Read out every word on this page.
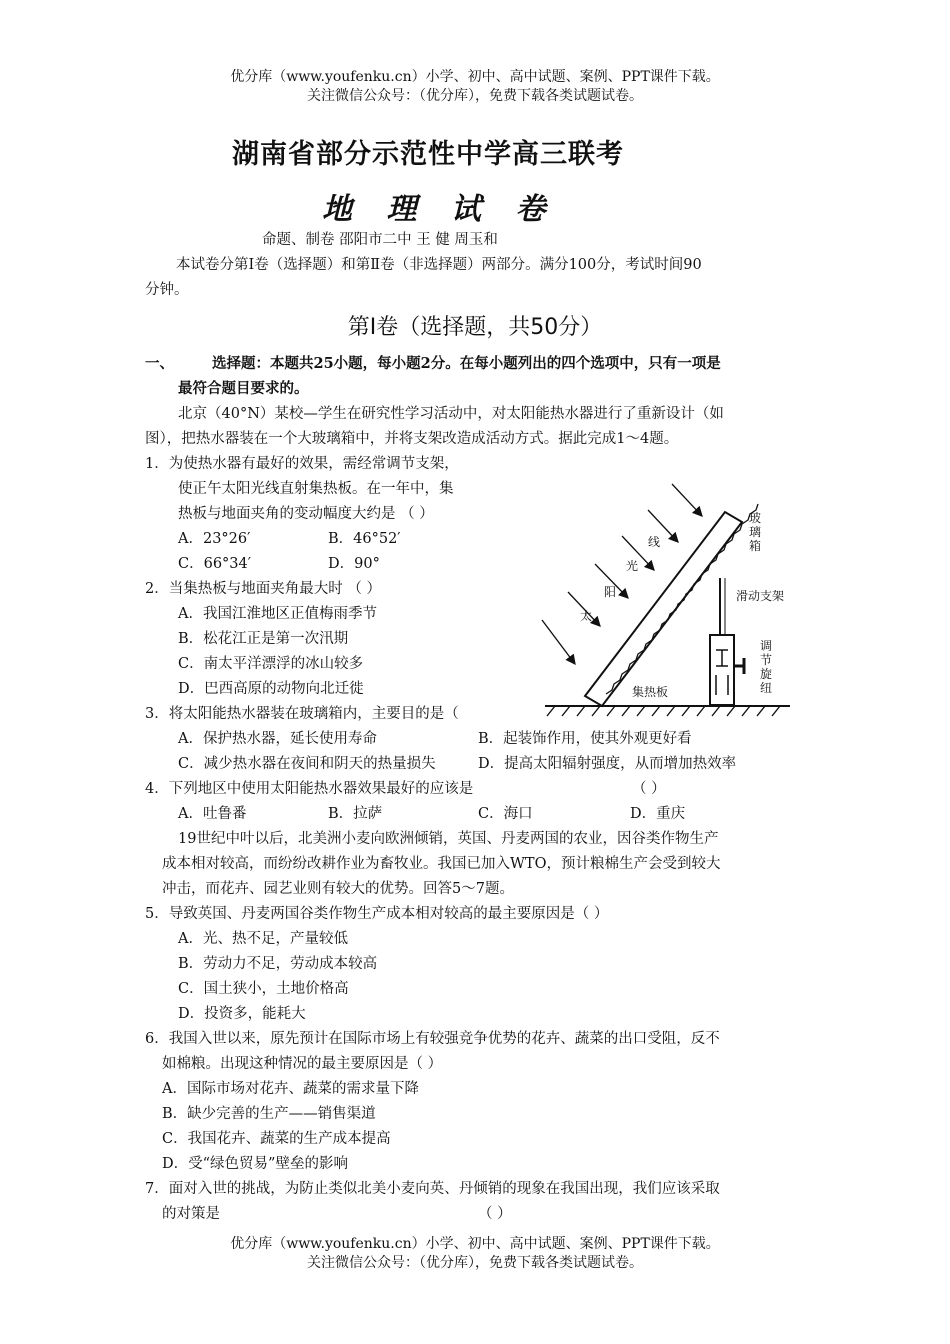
优分库（www.youfenku.cn）小学、初中、高中试题、案例、PPT课件下载。
关注微信公众号：（优分库），免费下载各类试题试卷。
湖南省部分示范性中学高三联考
地 理 试 卷
命题、制卷 邵阳市二中 王 健 周玉和
本试卷分第Ⅰ卷（选择题）和第Ⅱ卷（非选择题）两部分。满分100分，考试时间90
分钟。
第Ⅰ卷（选择题，共50分）
一、	选择题：本题共25小题，每小题2分。在每小题列出的四个选项中，只有一项是
最符合题目要求的。
北京（40°N）某校—学生在研究性学习活动中，对太阳能热水器进行了重新设计（如
图），把热水器装在一个大玻璃箱中，并将支架改造成活动方式。据此完成1～4题。
1．为使热水器有最好的效果，需经常调节支架，
使正午太阳光线直射集热板。在一年中，集
热板与地面夹角的变动幅度大约是 （ ）
A．23°26′	B．46°52′
C．66°34′	D．90°
2．当集热板与地面夹角最大时 （ ）
A．我国江淮地区正值梅雨季节
B．松花江正是第一次汛期
C．南太平洋漂浮的冰山较多
D．巴西高原的动物向北迁徙
3．将太阳能热水器装在玻璃箱内，主要目的是（
A．保护热水器，延长使用寿命	B．起装饰作用，使其外观更好看
C．减少热水器在夜间和阴天的热量损失	D．提高太阳辐射强度，从而增加热效率
4．下列地区中使用太阳能热水器效果最好的应该是	（ ）
A．吐鲁番	B．拉萨	C．海口	D．重庆
19世纪中叶以后，北美洲小麦向欧洲倾销，英国、丹麦两国的农业，因谷类作物生产
成本相对较高，而纷纷改耕作业为畜牧业。我国已加入WTO，预计粮棉生产会受到较大
冲击，而花卉、园艺业则有较大的优势。回答5～7题。
5．导致英国、丹麦两国谷类作物生产成本相对较高的最主要原因是（ ）
A．光、热不足，产量较低
B．劳动力不足，劳动成本较高
C．国土狭小，土地价格高
D．投资多，能耗大
6．我国入世以来，原先预计在国际市场上有较强竞争优势的花卉、蔬菜的出口受阻，反不
如棉粮。出现这种情况的最主要原因是（ ）
A．国际市场对花卉、蔬菜的需求量下降
B．缺少完善的生产——销售渠道
C．我国花卉、蔬菜的生产成本提高
D．受“绿色贸易”壁垒的影响
7．面对入世的挑战，为防止类似北美小麦向英、丹倾销的现象在我国出现，我们应该采取
的对策是	（ ）
优分库（www.youfenku.cn）小学、初中、高中试题、案例、PPT课件下载。
关注微信公众号：（优分库），免费下载各类试题试卷。
玻
璃
箱
滑动支架
调
节
旋
纽
集热板
线
光
阳
太
